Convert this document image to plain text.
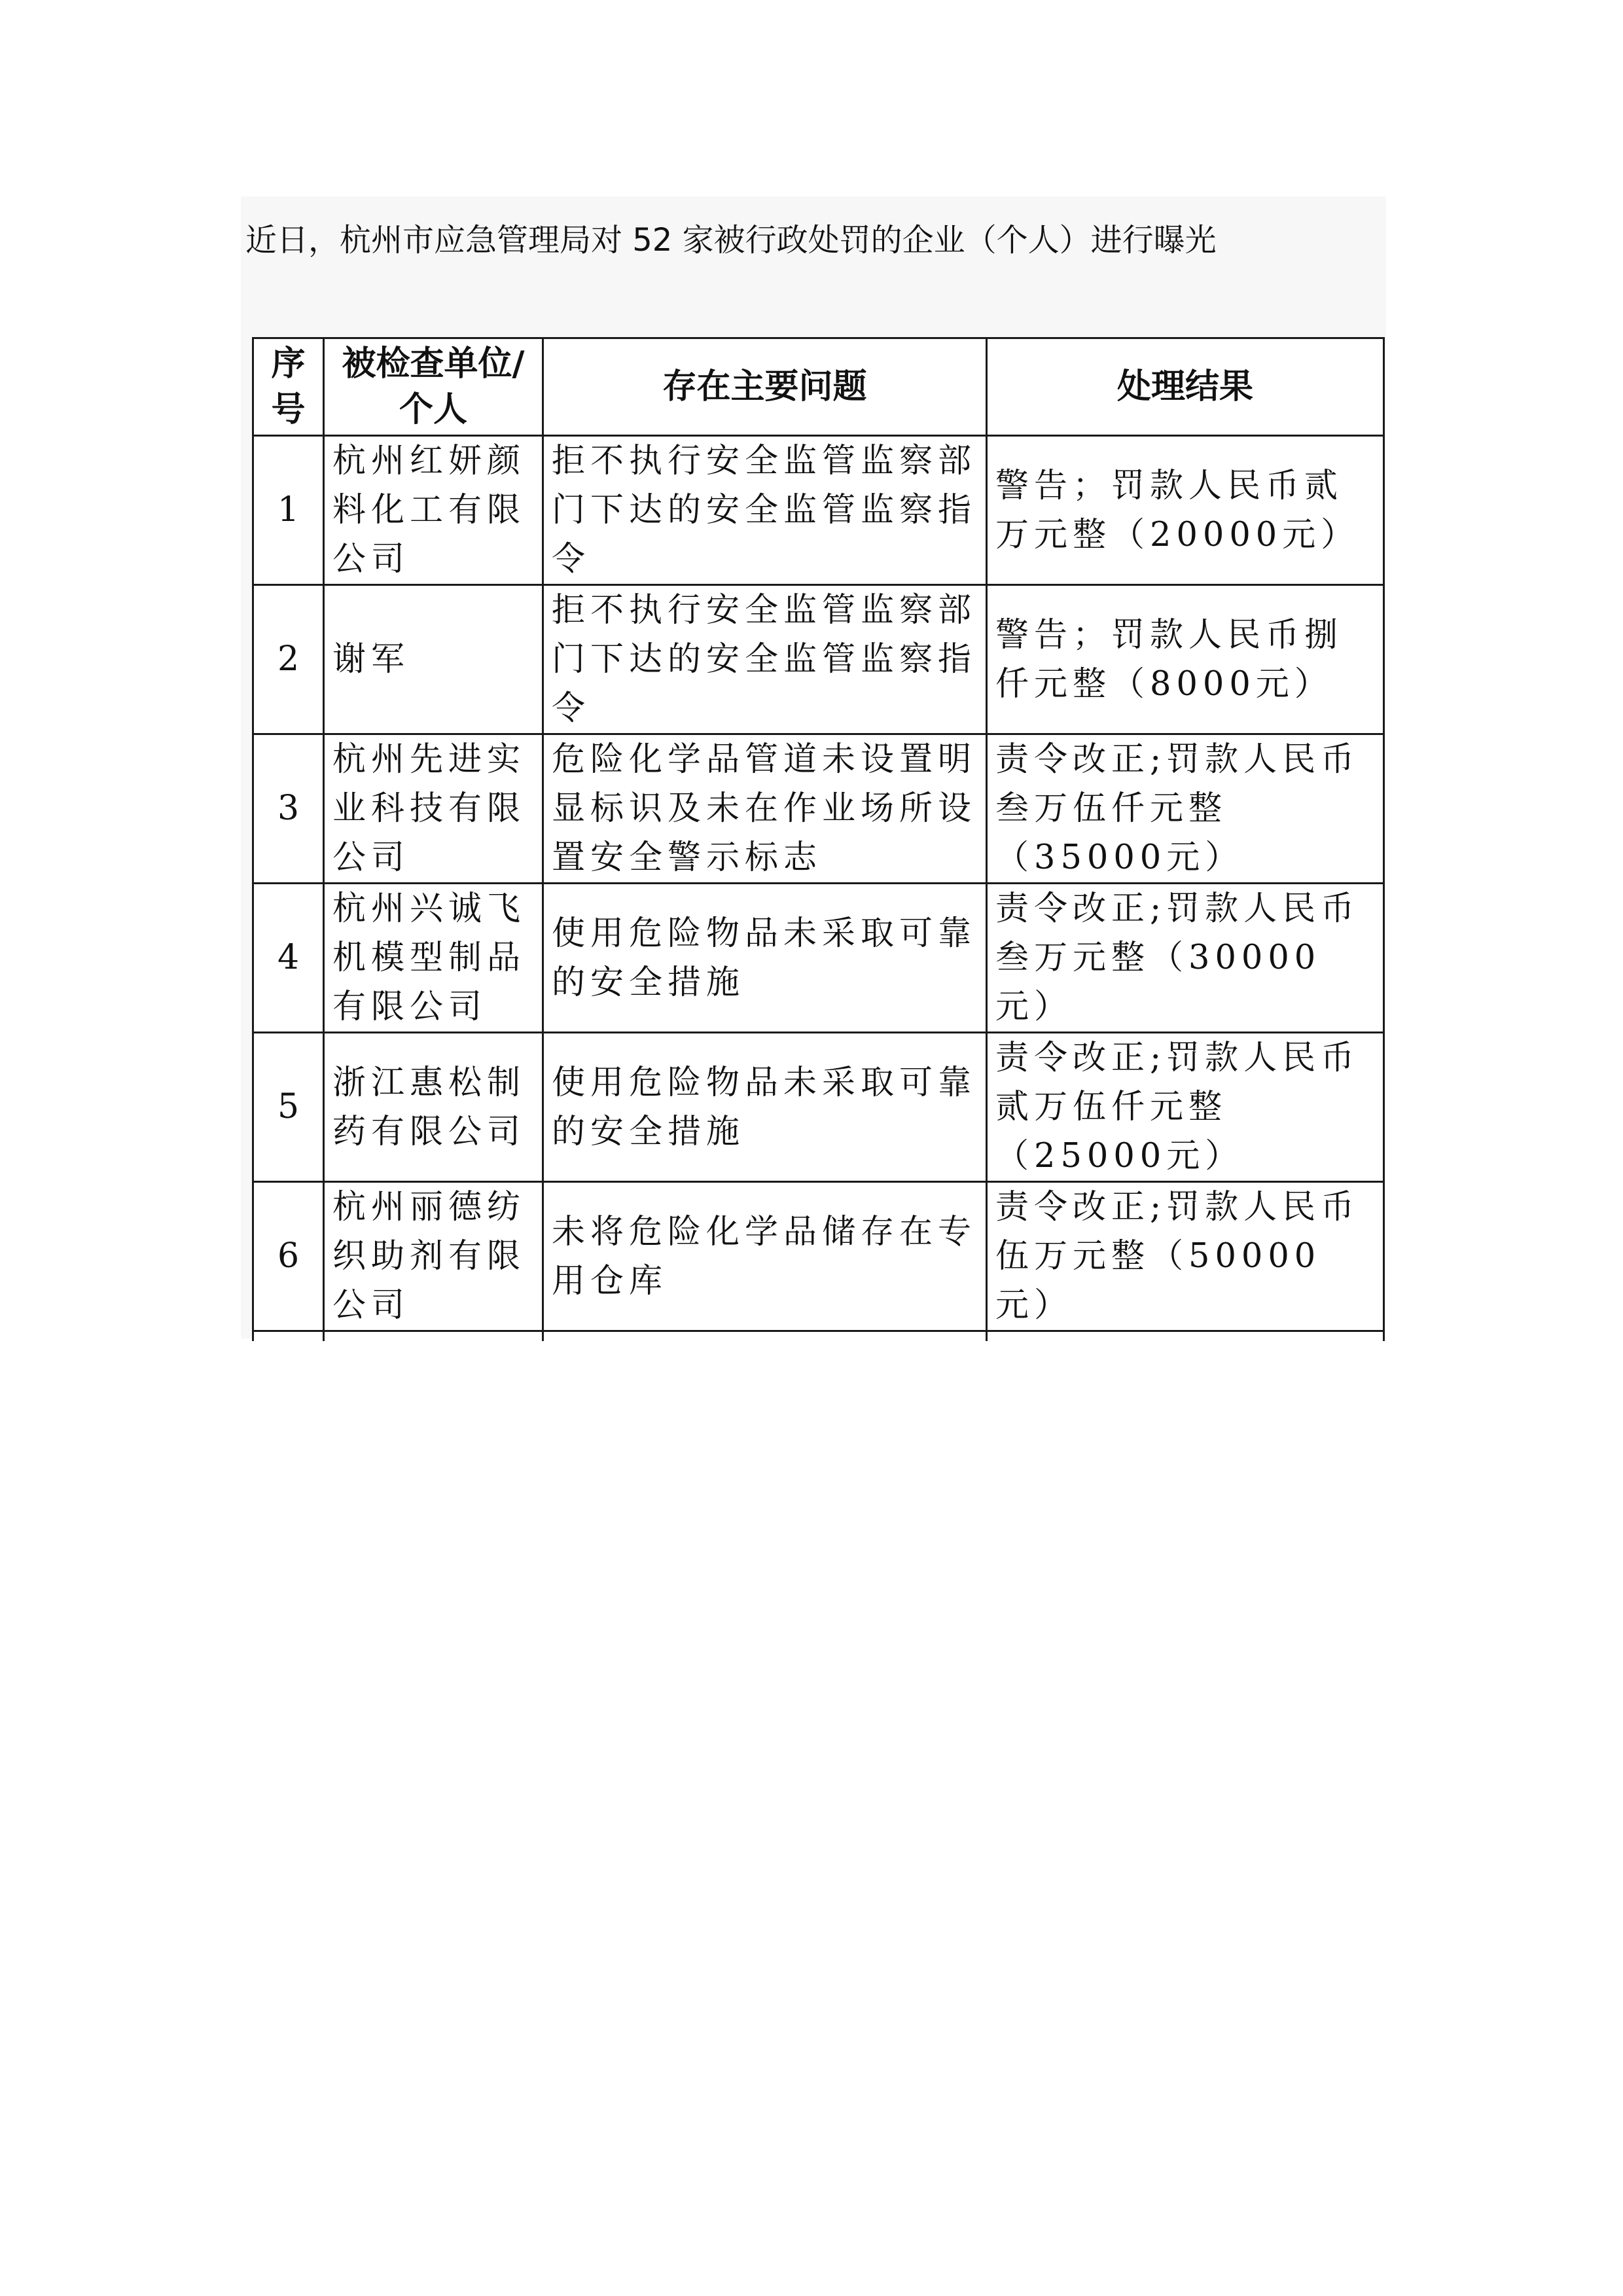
近日，杭州市应急管理局对 52 家被行政处罚的企业（个人）进行曝光
序号	被检查单位/个人	存在主要问题	处理结果
1	杭州红妍颜料化工有限公司	拒不执行安全监管监察部门下达的安全监管监察指令	警告；罚款人民币贰万元整（20000元）
2	谢军	拒不执行安全监管监察部门下达的安全监管监察指令	警告；罚款人民币捌仟元整（8000元）
3	杭州先进实业科技有限公司	危险化学品管道未设置明显标识及未在作业场所设置安全警示标志	责令改正;罚款人民币叁万伍仟元整（35000元）
4	杭州兴诚飞机模型制品有限公司	使用危险物品未采取可靠的安全措施	责令改正;罚款人民币叁万元整（30000元）
5	浙江惠松制药有限公司	使用危险物品未采取可靠的安全措施	责令改正;罚款人民币贰万伍仟元整（25000元）
6	杭州丽德纺织助剂有限公司	未将危险化学品储存在专用仓库	责令改正;罚款人民币伍万元整（50000元）
